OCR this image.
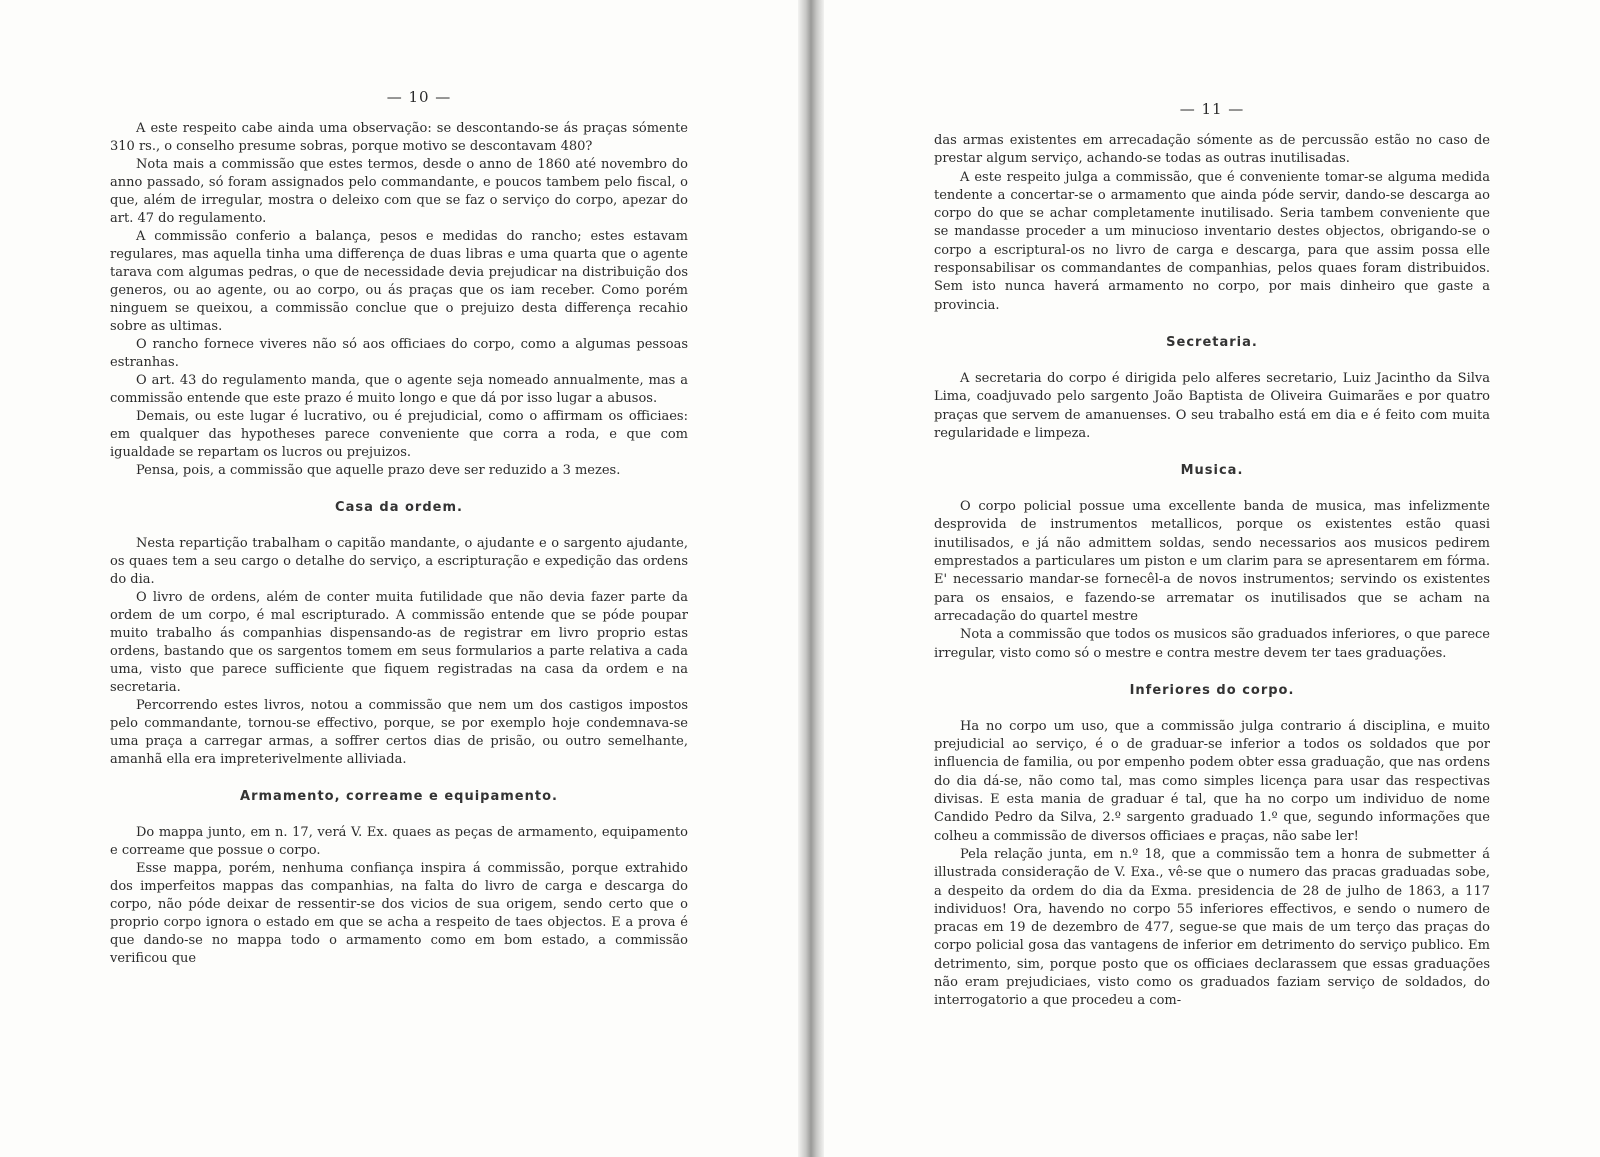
— 10 —

A este respeito cabe ainda uma observação: se descontando-se ás praças sómente 310 rs., o conselho presume sobras, porque motivo se descontavam 480?

Nota mais a commissão que estes termos, desde o anno de 1860 até novembro do anno passado, só foram assignados pelo commandante, e poucos tambem pelo fiscal, o que, além de irregular, mostra o deleixo com que se faz o serviço do corpo, apezar do art. 47 do regulamento.

A commissão conferio a balança, pesos e medidas do rancho; estes estavam regulares, mas aquella tinha uma differença de duas libras e uma quarta que o agente tarava com algumas pedras, o que de necessidade devia prejudicar na distribuição dos generos, ou ao agente, ou ao corpo, ou ás praças que os iam receber. Como porém ninguem se queixou, a commissão conclue que o prejuizo desta differença recahio sobre as ultimas.

O rancho fornece viveres não só aos officiaes do corpo, como a algumas pessoas estranhas.

O art. 43 do regulamento manda, que o agente seja nomeado annualmente, mas a commissão entende que este prazo é muito longo e que dá por isso lugar a abusos.

Demais, ou este lugar é lucrativo, ou é prejudicial, como o affirmam os officiaes: em qualquer das hypotheses parece conveniente que corra a roda, e que com igualdade se repartam os lucros ou prejuizos.

Pensa, pois, a commissão que aquelle prazo deve ser reduzido a 3 mezes.

Casa da ordem.

Nesta repartição trabalham o capitão mandante, o ajudante e o sargento ajudante, os quaes tem a seu cargo o detalhe do serviço, a escripturação e expedição das ordens do dia.

O livro de ordens, além de conter muita futilidade que não devia fazer parte da ordem de um corpo, é mal escripturado. A commissão entende que se póde poupar muito trabalho ás companhias dispensando-as de registrar em livro proprio estas ordens, bastando que os sargentos tomem em seus formularios a parte relativa a cada uma, visto que parece sufficiente que fiquem registradas na casa da ordem e na secretaria.

Percorrendo estes livros, notou a commissão que nem um dos castigos impostos pelo commandante, tornou-se effectivo, porque, se por exemplo hoje condemnava-se uma praça a carregar armas, a soffrer certos dias de prisão, ou outro semelhante, amanhã ella era impreterivelmente alliviada.

Armamento, correame e equipamento.

Do mappa junto, em n. 17, verá V. Ex. quaes as peças de armamento, equipamento e correame que possue o corpo.

Esse mappa, porém, nenhuma confiança inspira á commissão, porque extrahido dos imperfeitos mappas das companhias, na falta do livro de carga e descarga do corpo, não póde deixar de ressentir-se dos vicios de sua origem, sendo certo que o proprio corpo ignora o estado em que se acha a respeito de taes objectos. E a prova é que dando-se no mappa todo o armamento como em bom estado, a commissão verificou que

— 11 —

das armas existentes em arrecadação sómente as de percussão estão no caso de prestar algum serviço, achando-se todas as outras inutilisadas.

A este respeito julga a commissão, que é conveniente tomar-se alguma medida tendente a concertar-se o armamento que ainda póde servir, dando-se descarga ao corpo do que se achar completamente inutilisado. Seria tambem conveniente que se mandasse proceder a um minucioso inventario destes objectos, obrigando-se o corpo a escriptural-os no livro de carga e descarga, para que assim possa elle responsabilisar os commandantes de companhias, pelos quaes foram distribuidos. Sem isto nunca haverá armamento no corpo, por mais dinheiro que gaste a provincia.

Secretaria.

A secretaria do corpo é dirigida pelo alferes secretario, Luiz Jacintho da Silva Lima, coadjuvado pelo sargento João Baptista de Oliveira Guimarães e por quatro praças que servem de amanuenses. O seu trabalho está em dia e é feito com muita regularidade e limpeza.

Musica.

O corpo policial possue uma excellente banda de musica, mas infelizmente desprovida de instrumentos metallicos, porque os existentes estão quasi inutilisados, e já não admittem soldas, sendo necessarios aos musicos pedirem emprestados a particulares um piston e um clarim para se apresentarem em fórma. E' necessario mandar-se fornecêl-a de novos instrumentos; servindo os existentes para os ensaios, e fazendo-se arrematar os inutilisados que se acham na arrecadação do quartel mestre

Nota a commissão que todos os musicos são graduados inferiores, o que parece irregular, visto como só o mestre e contra mestre devem ter taes graduações.

Inferiores do corpo.

Ha no corpo um uso, que a commissão julga contrario á disciplina, e muito prejudicial ao serviço, é o de graduar-se inferior a todos os soldados que por influencia de familia, ou por empenho podem obter essa graduação, que nas ordens do dia dá-se, não como tal, mas como simples licença para usar das respectivas divisas. E esta mania de graduar é tal, que ha no corpo um individuo de nome Candido Pedro da Silva, 2.º sargento graduado 1.º que, segundo informações que colheu a commissão de diversos officiaes e praças, não sabe ler!

Pela relação junta, em n.º 18, que a commissão tem a honra de submetter á illustrada consideração de V. Exa., vê-se que o numero das pracas graduadas sobe, a despeito da ordem do dia da Exma. presidencia de 28 de julho de 1863, a 117 individuos! Ora, havendo no corpo 55 inferiores effectivos, e sendo o numero de pracas em 19 de dezembro de 477, segue-se que mais de um terço das praças do corpo policial gosa das vantagens de inferior em detrimento do serviço publico. Em detrimento, sim, porque posto que os officiaes declarassem que essas graduações não eram prejudiciaes, visto como os graduados faziam serviço de soldados, do interrogatorio a que procedeu a com-
